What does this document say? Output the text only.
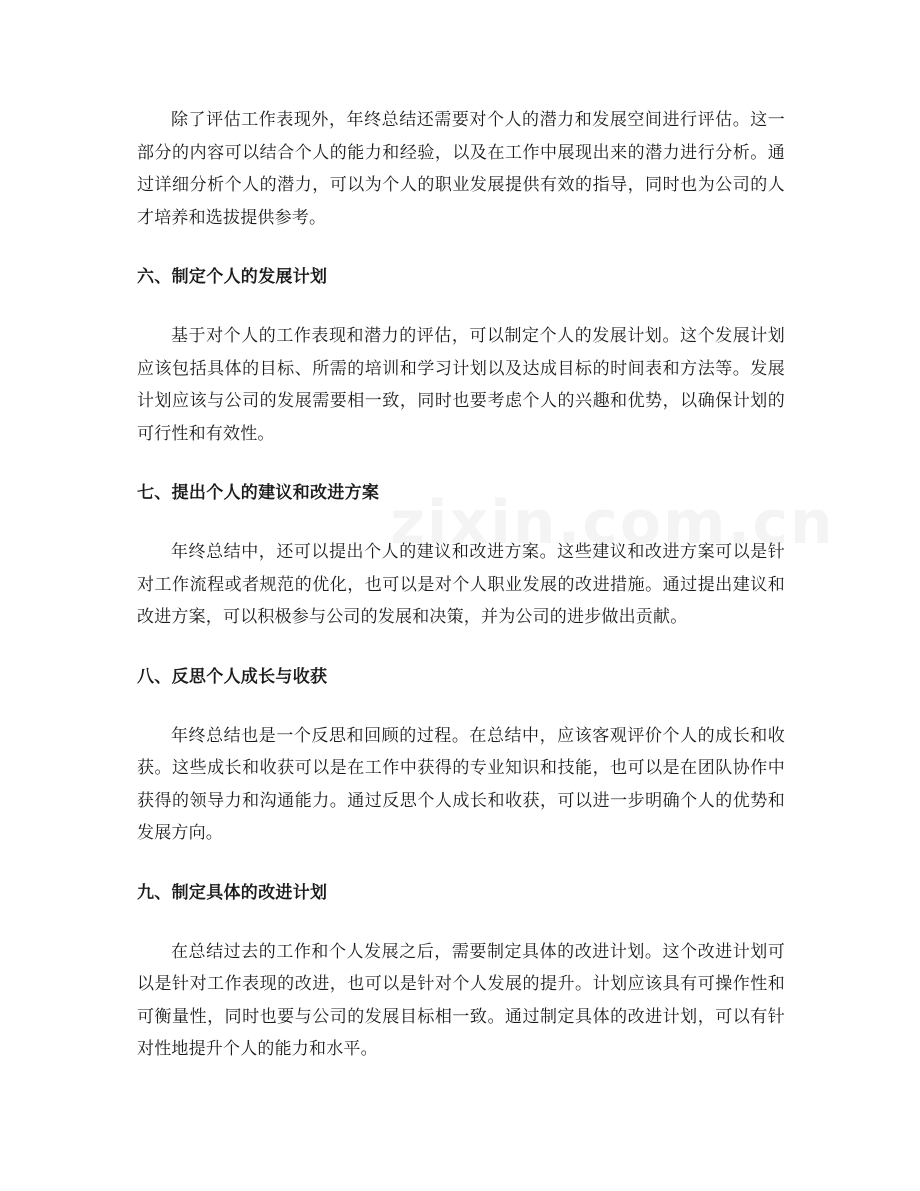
除了评估工作表现外，年终总结还需要对个人的潜力和发展空间进行评估。这一部分的内容可以结合个人的能力和经验，以及在工作中展现出来的潜力进行分析。通过详细分析个人的潜力，可以为个人的职业发展提供有效的指导，同时也为公司的人才培养和选拔提供参考。

六、制定个人的发展计划

基于对个人的工作表现和潜力的评估，可以制定个人的发展计划。这个发展计划应该包括具体的目标、所需的培训和学习计划以及达成目标的时间表和方法等。发展计划应该与公司的发展需要相一致，同时也要考虑个人的兴趣和优势，以确保计划的可行性和有效性。

七、提出个人的建议和改进方案

年终总结中，还可以提出个人的建议和改进方案。这些建议和改进方案可以是针对工作流程或者规范的优化，也可以是对个人职业发展的改进措施。通过提出建议和改进方案，可以积极参与公司的发展和决策，并为公司的进步做出贡献。

八、反思个人成长与收获

年终总结也是一个反思和回顾的过程。在总结中，应该客观评价个人的成长和收获。这些成长和收获可以是在工作中获得的专业知识和技能，也可以是在团队协作中获得的领导力和沟通能力。通过反思个人成长和收获，可以进一步明确个人的优势和发展方向。

九、制定具体的改进计划

在总结过去的工作和个人发展之后，需要制定具体的改进计划。这个改进计划可以是针对工作表现的改进，也可以是针对个人发展的提升。计划应该具有可操作性和可衡量性，同时也要与公司的发展目标相一致。通过制定具体的改进计划，可以有针对性地提升个人的能力和水平。
